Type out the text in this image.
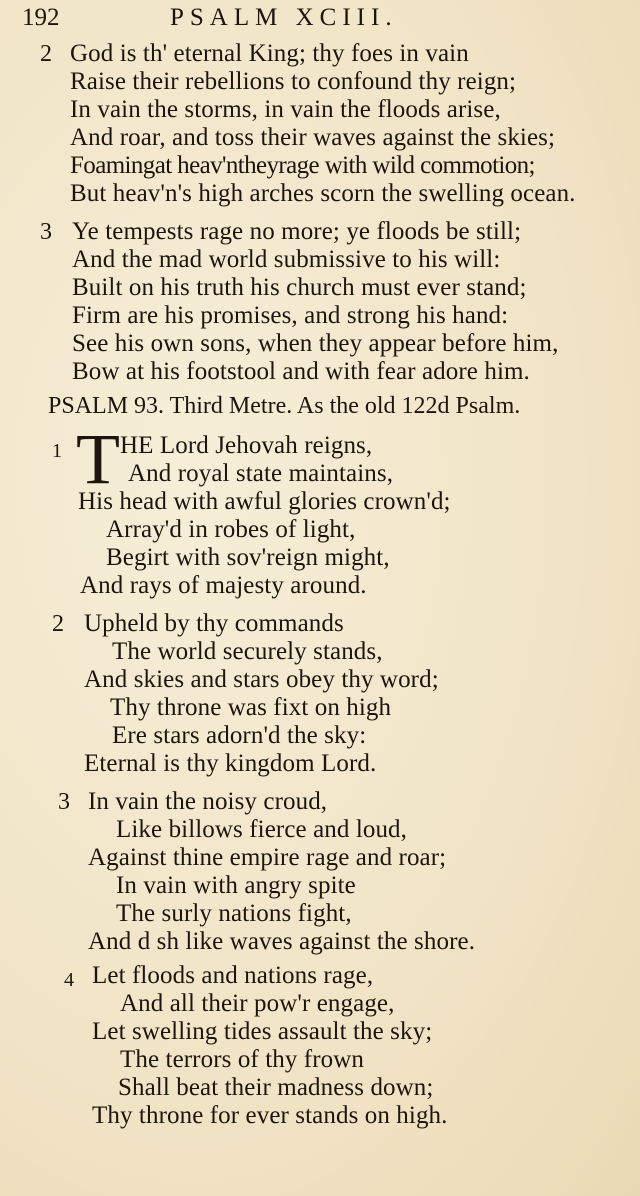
192	PSALM XCIII.
2 God is th' eternal King; thy foes in vain
Raise their rebellions to confound thy reign;
In vain the storms, in vain the floods arise,
And roar, and toss their waves against the skies;
Foamingat heav'ntheyrage with wild commotion;
But heav'n's high arches scorn the swelling ocean.
3 Ye tempests rage no more; ye floods be still;
And the mad world submissive to his will:
Built on his truth his church must ever stand;
Firm are his promises, and strong his hand:
See his own sons, when they appear before him,
Bow at his footstool and with fear adore him.
PSALM 93. Third Metre. As the old 122d Psalm.
1 T HE Lord Jehovah reigns,
And royal state maintains,
His head with awful glories crown'd;
Array'd in robes of light,
Begirt with sov'reign might,
And rays of majesty around.
2 Upheld by thy commands
The world securely stands,
And skies and stars obey thy word;
Thy throne was fixt on high
Ere stars adorn'd the sky:
Eternal is thy kingdom Lord.
3 In vain the noisy croud,
Like billows fierce and loud,
Against thine empire rage and roar;
In vain with angry spite
The surly nations fight,
And d sh like waves against the shore.
4 Let floods and nations rage,
And all their pow'r engage,
Let swelling tides assault the sky;
The terrors of thy frown
Shall beat their madness down;
Thy throne for ever stands on high.
